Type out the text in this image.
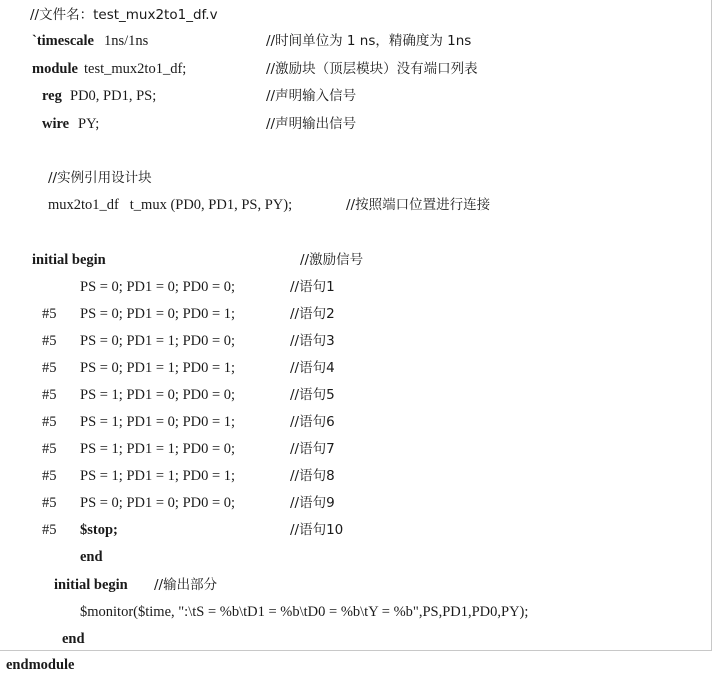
//文件名：test_mux2to1_df.v
`timescale 1ns/1ns	//时间单位为 1 ns，精确度为 1ns
module test_mux2to1_df;	//激励块（顶层模块）没有端口列表
reg PD0, PD1, PS;	//声明输入信号
wire PY;	//声明输出信号
//实例引用设计块
mux2to1_df   t_mux (PD0, PD1, PS, PY);	//按照端口位置进行连接
initial begin	//激励信号
PS = 0; PD1 = 0; PD0 = 0;	//语句1
#5 PS = 0; PD1 = 0; PD0 = 1;	//语句2
#5 PS = 0; PD1 = 1; PD0 = 0;	//语句3
#5 PS = 0; PD1 = 1; PD0 = 1;	//语句4
#5 PS = 1; PD1 = 0; PD0 = 0;	//语句5
#5 PS = 1; PD1 = 0; PD0 = 1;	//语句6
#5 PS = 1; PD1 = 1; PD0 = 0;	//语句7
#5 PS = 1; PD1 = 1; PD0 = 1;	//语句8
#5 PS = 0; PD1 = 0; PD0 = 0;	//语句9
#5 $stop;	//语句10
end
initial begin //输出部分
$monitor($time, ":\tS = %b\tD1 = %b\tD0 = %b\tY = %b",PS,PD1,PD0,PY);
end
endmodule
